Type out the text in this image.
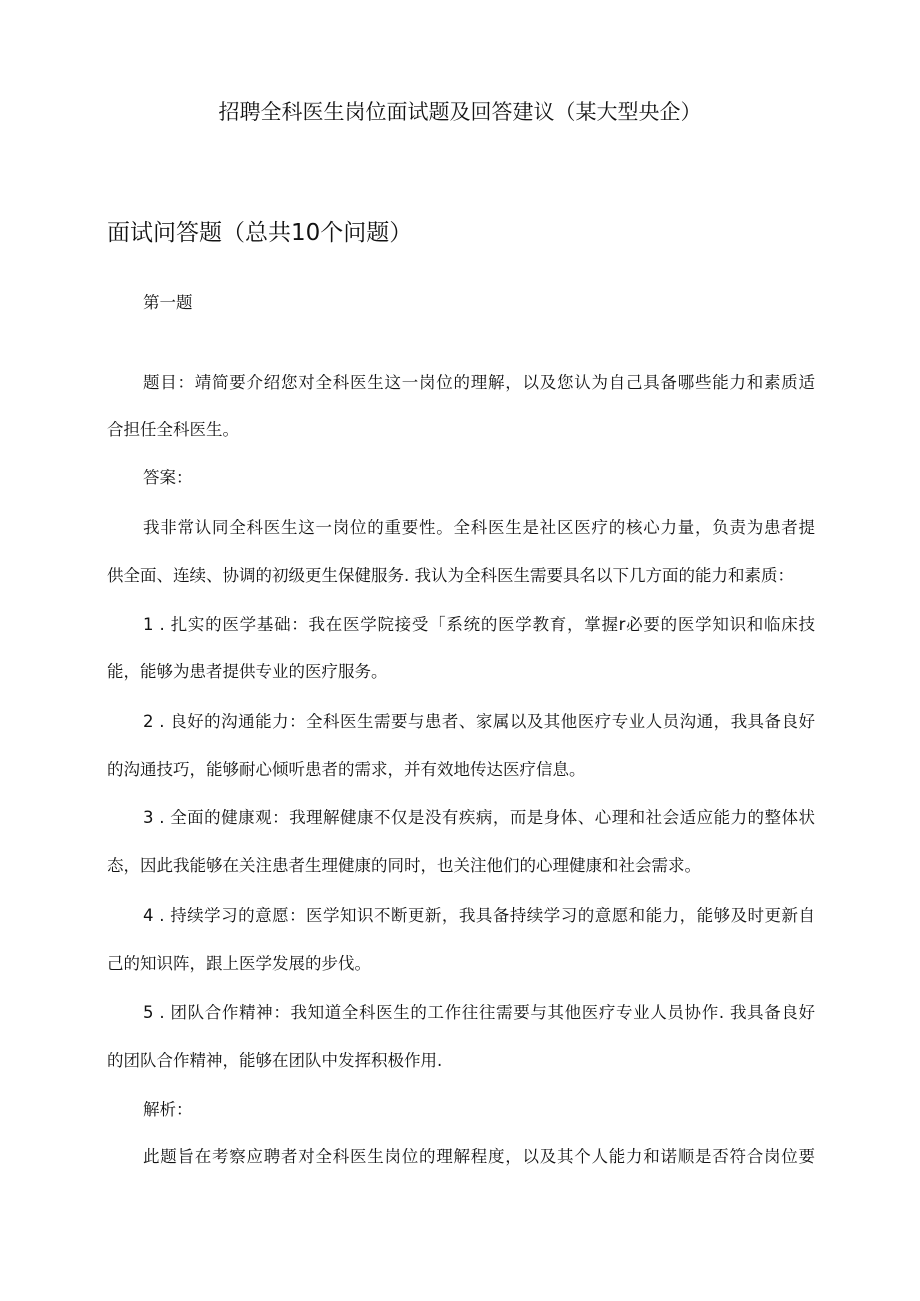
招聘全科医生岗位面试题及回答建议（某大型央企）
面试问答题（总共10个问题）
第一题
题目：靖简要介绍您对全科医生这一岗位的理解，以及您认为自己具备哪些能力和素质适
合担任全科医生。
答案：
我非常认同全科医生这一岗位的重要性。全科医生是社区医疗的核心力量，负责为患者提
供全面、连续、协调的初级更生保健服务. 我认为全科医生需要具名以下几方面的能力和素质：
1 . 扎实的医学基础：我在医学院接受「系统的医学教育，掌握r必要的医学知识和临床技
能，能够为患者提供专业的医疗服务。
2 . 良好的沟通能力：全科医生需要与患者、家属以及其他医疗专业人员沟通，我具备良好
的沟通技巧，能够耐心倾听患者的需求，并有效地传达医疗信息。
3 . 全面的健康观：我理解健康不仅是没有疾病，而是身体、心理和社会适应能力的整体状
态，因此我能够在关注患者生理健康的同时，也关注他们的心理健康和社会需求。
4 . 持续学习的意愿：医学知识不断更新，我具备持续学习的意愿和能力，能够及时更新自
己的知识阵，跟上医学发展的步伐。
5 . 团队合作精神：我知道全科医生的工作往往需要与其他医疗专业人员协作. 我具备良好
的团队合作精神，能够在团队中发挥积极作用.
解析：
此题旨在考察应聘者对全科医生岗位的理解程度，以及其个人能力和诺顺是否符合岗位要
